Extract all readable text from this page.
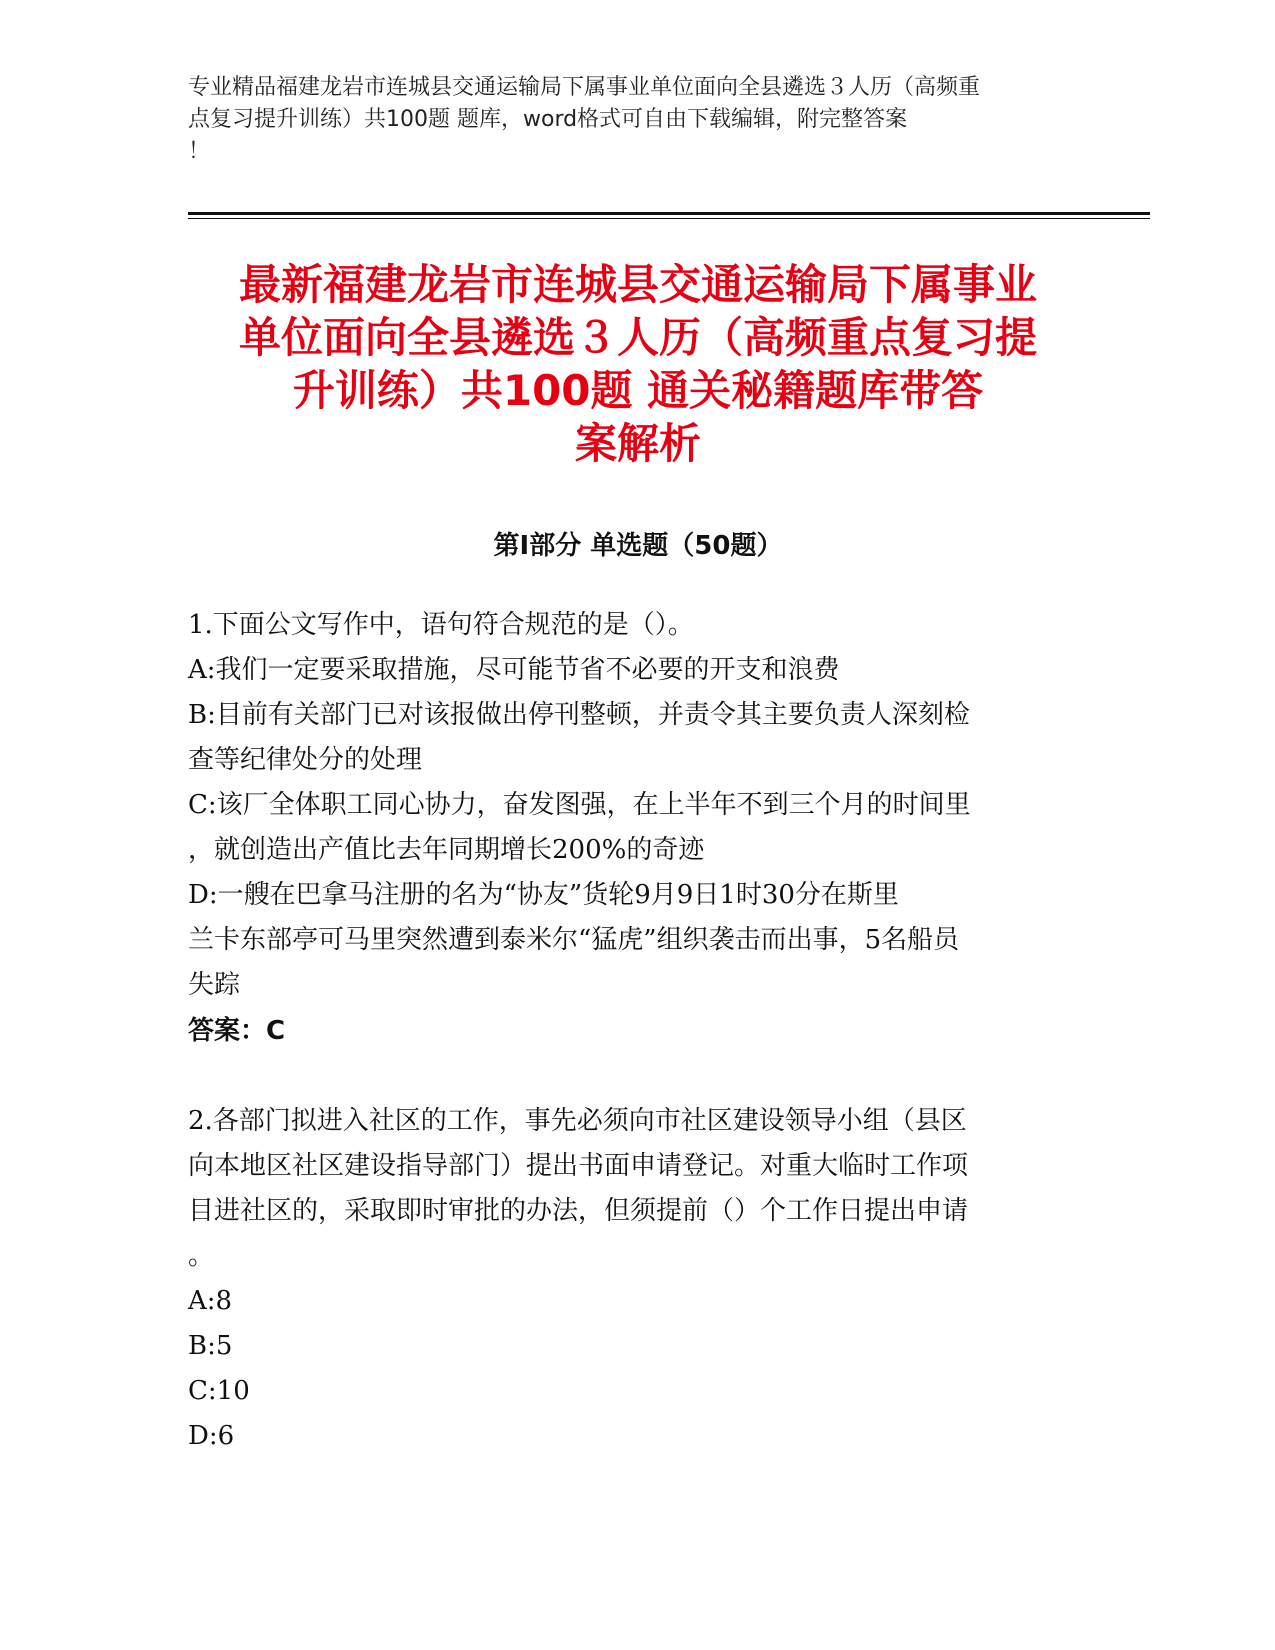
专业精品福建龙岩市连城县交通运输局下属事业单位面向全县遴选３人历（高频重
点复习提升训练）共100题 题库，word格式可自由下载编辑，附完整答案
！
最新福建龙岩市连城县交通运输局下属事业
单位面向全县遴选３人历（高频重点复习提
升训练）共100题 通关秘籍题库带答
案解析
第Ⅰ部分 单选题（50题）
1.下面公文写作中，语句符合规范的是（）。
A:我们一定要采取措施，尽可能节省不必要的开支和浪费
B:目前有关部门已对该报做出停刊整顿，并责令其主要负责人深刻检
查等纪律处分的处理
C:该厂全体职工同心协力，奋发图强，在上半年不到三个月的时间里
，就创造出产值比去年同期增长200%的奇迹
D:一艘在巴拿马注册的名为“协友”货轮9月9日1时30分在斯里
兰卡东部亭可马里突然遭到泰米尔“猛虎”组织袭击而出事，5名船员
失踪
答案：C
2.各部门拟进入社区的工作，事先必须向市社区建设领导小组（县区
向本地区社区建设指导部门）提出书面申请登记。对重大临时工作项
目进社区的，采取即时审批的办法，但须提前（）个工作日提出申请
。
A:8
B:5
C:10
D:6
